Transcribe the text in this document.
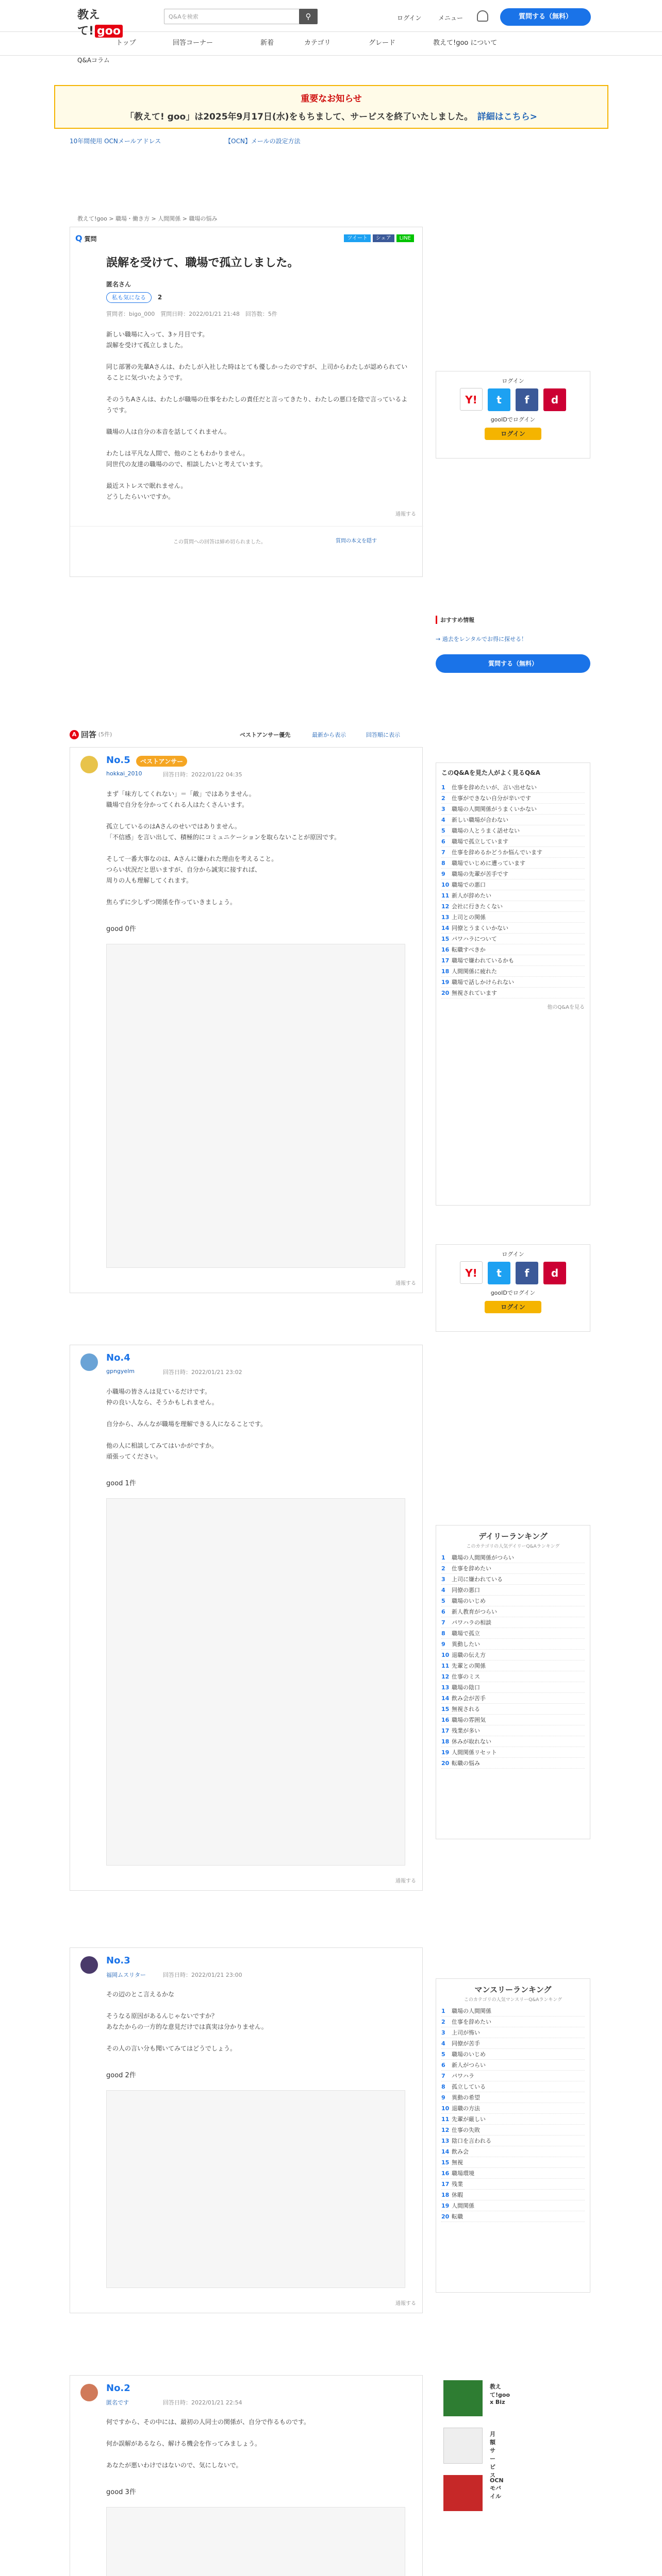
教えて! goo
Q&Aを検索	⚲	ログイン	メニュー	質問する（無料）
トップ	回答コーナー	新着	カテゴリ	グレード	教えて!goo について
Q&Aコラム
重要なお知らせ
「教えて! goo」は2025年9月17日(水)をもちまして、サービスを終了いたしました。　 詳細はこちら>
10年間使用 OCNメールアドレス	【OCN】メールの設定方法
教えて!goo > 職場・働き方 > 人間関係 > 職場の悩み
Q 質問	ツイート シェア LINE
誤解を受けて、職場で孤立しました。
匿名さん
私も気になる 2
質問者：bigo_000　質問日時：2022/01/21 21:48　回答数：5件
新しい職場に入って、3ヶ月目です。
誤解を受けて孤立しました。

同じ部署の先輩Aさんは、わたしが入社した時はとても優しかったのですが、上司からわたしが認められていることに気づいたようです。

そのうちAさんは、わたしが職場の仕事をわたしの責任だと言ってきたり、わたしの悪口を陰で言っているようです。

職場の人は自分の本音を話してくれません。

わたしは平凡な人間で、他のこともわかりません。
同世代の友達の職場のので、相談したいと考えています。

最近ストレスで眠れません。
どうしたらいいですか。
通報する
この質問への回答は締め切られました。	質問の本文を隠す
ログイン
Y! t f d
gooIDでログイン
ログイン
おすすめ情報
→ 過去をレンタルでお得に探せる！
質問する（無料）
このQ&Aを見た人がよく見るQ&A
1 仕事を辞めたいが、言い出せない
2 仕事ができない自分が辛いです
3 職場の人間関係がうまくいかない
4 新しい職場が合わない
5 職場の人とうまく話せない
6 職場で孤立しています
7 仕事を辞めるかどうか悩んでいます
8 職場でいじめに遭っています
9 職場の先輩が苦手です
10 職場での悪口
11 新人が辞めたい
12 会社に行きたくない
13 上司との関係
14 同僚とうまくいかない
15 パワハラについて
16 転職すべきか
17 職場で嫌われているかも
18 人間関係に疲れた
19 職場で話しかけられない
20 無視されています
他のQ&Aを見る
ログイン
Y! t f d
gooIDでログイン
ログイン
デイリーランキング
このカテゴリの人気デイリーQ&Aランキング
1 職場の人間関係がつらい
2 仕事を辞めたい
3 上司に嫌われている
4 同僚の悪口
5 職場のいじめ
6 新人教育がつらい
7 パワハラの相談
8 職場で孤立
9 異動したい
10 退職の伝え方
11 先輩との関係
12 仕事のミス
13 職場の陰口
14 飲み会が苦手
15 無視される
16 職場の雰囲気
17 残業が多い
18 休みが取れない
19 人間関係リセット
20 転職の悩み
マンスリーランキング
このカテゴリの人気マンスリーQ&Aランキング
1 職場の人間関係
2 仕事を辞めたい
3 上司が怖い
4 同僚が苦手
5 職場のいじめ
6 新人がつらい
7 パワハラ
8 孤立している
9 異動の希望
10 退職の方法
11 先輩が厳しい
12 仕事の失敗
13 陰口を言われる
14 飲み会
15 無視
16 職場環境
17 残業
18 休暇
19 人間関係
20 転職
教えて!goo x Biz
月額サービス
OCN モバイル
A 回答 (5件)	ベストアンサー優先	最新から表示	回答順に表示
No.5	ベストアンサー
hokkai_2010	回答日時：2022/01/22 04:35
まず「味方してくれない」＝「敵」ではありません。
職場で自分を分かってくれる人はたくさんいます。

孤立しているのはAさんのせいではありません。
「不信感」を言い出して、積極的にコミュニケーションを取らないことが原因です。

そして一番大事なのは、Aさんに嫌われた理由を考えること。
つらい状況だと思いますが、自分から誠実に接すれば、
周りの人も理解してくれます。

焦らずに少しずつ関係を作っていきましょう。
good 0件
通報する
No.4
gpngyelm	回答日時：2022/01/21 23:02
小職場の皆さんは見ているだけです。
仲の良い人なら、そうかもしれません。

自分から、みんなが職場を理解できる人になることです。

他の人に相談してみてはいかがですか。
頑張ってください。
good 1件
通報する
No.3
福岡ムスリター	回答日時：2022/01/21 23:00
その辺のとこ言えるかな

そうなる原因があるんじゃないですか？
あなたからの一方的な意見だけでは真実は分かりません。

その人の言い分も聞いてみてはどうでしょう。
good 2件
通報する
No.2
匿名です	回答日時：2022/01/21 22:54
何ですから、その中には、最初の人同士の関係が、自分で作るものです。

何か誤解があるなら、解ける機会を作ってみましょう。

あなたが悪いわけではないので、気にしないで。
good 3件
